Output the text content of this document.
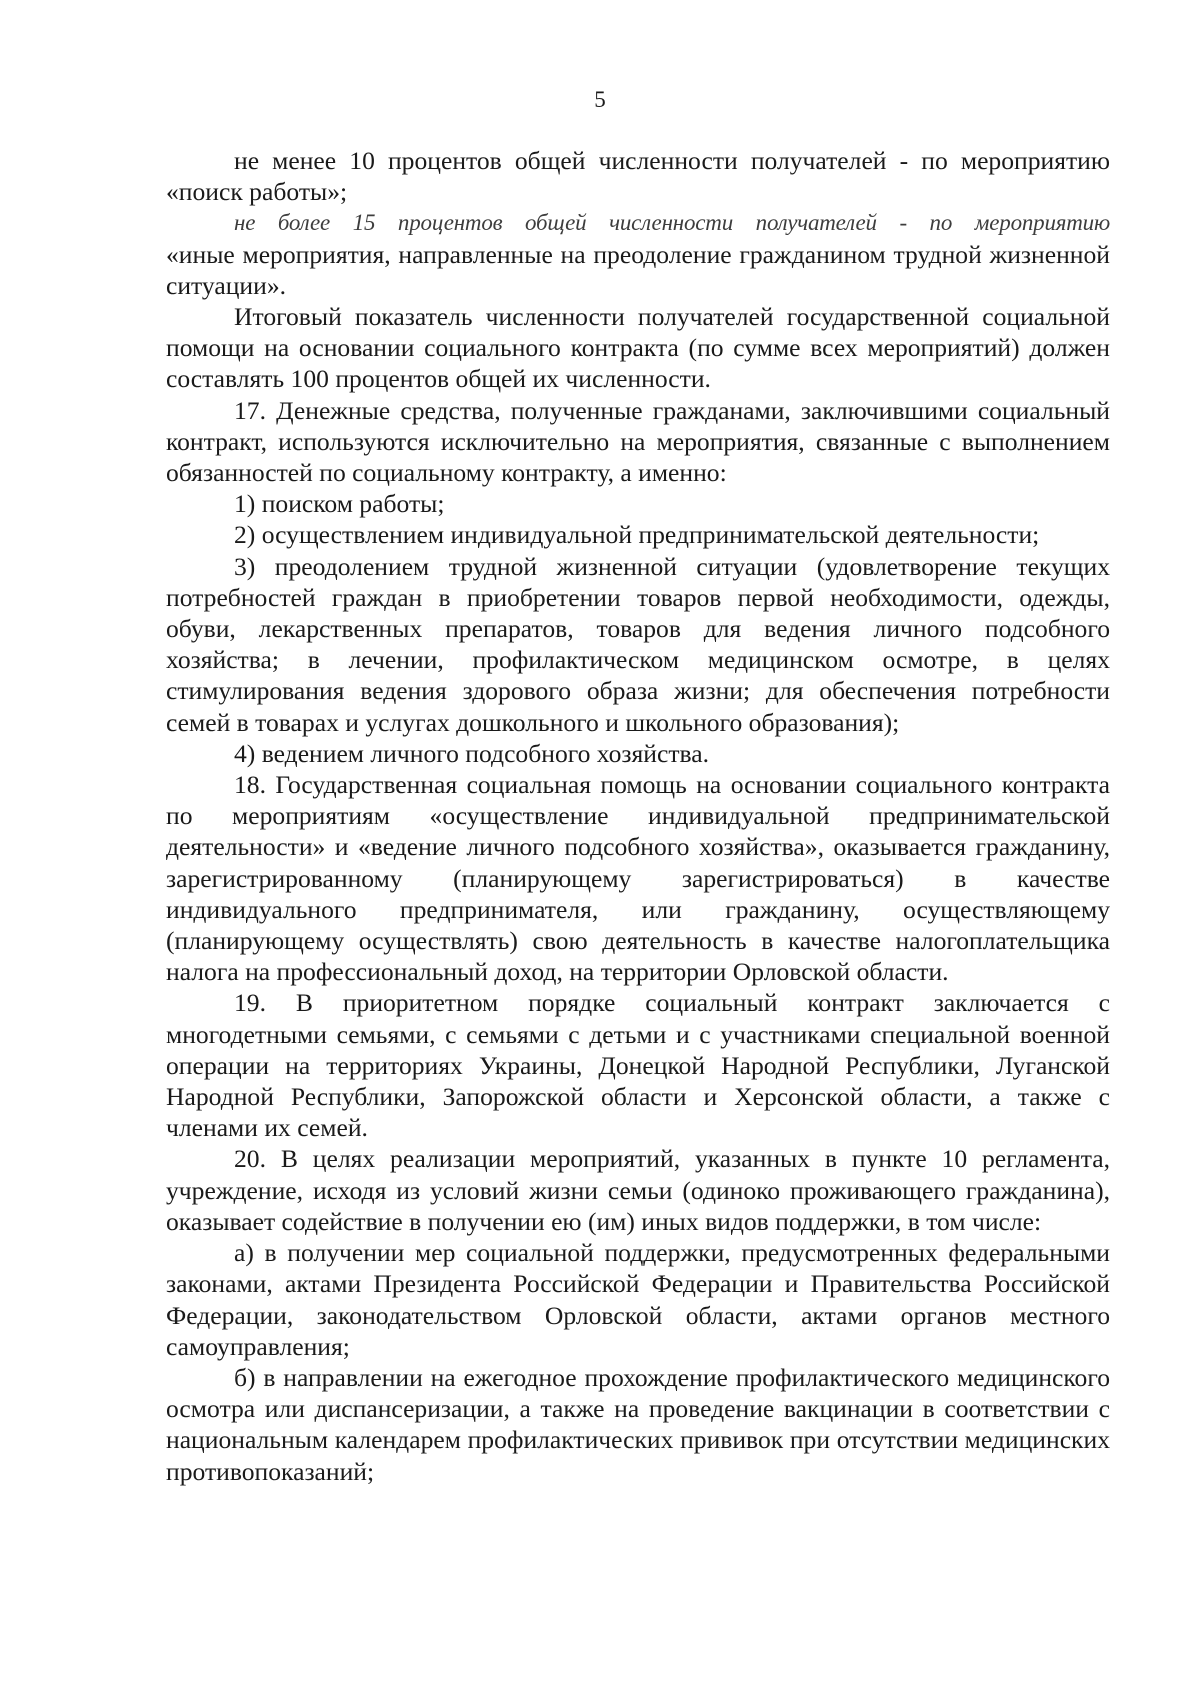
5

не менее 10 процентов общей численности получателей - по мероприятию «поиск работы»;

не более 15 процентов общей численности получателей - по мероприятию

«иные мероприятия, направленные на преодоление гражданином трудной жизненной ситуации».

Итоговый показатель численности получателей государственной социальной помощи на основании социального контракта (по сумме всех мероприятий) должен составлять 100 процентов общей их численности.

17. Денежные средства, полученные гражданами, заключившими социальный контракт, используются исключительно на мероприятия, связанные с выполнением обязанностей по социальному контракту, а именно:

1) поиском работы;

2) осуществлением индивидуальной предпринимательской деятельности;

3) преодолением трудной жизненной ситуации (удовлетворение текущих потребностей граждан в приобретении товаров первой необходимости, одежды, обуви, лекарственных препаратов, товаров для ведения личного подсобного хозяйства; в лечении, профилактическом медицинском осмотре, в целях стимулирования ведения здорового образа жизни; для обеспечения потребности семей в товарах и услугах дошкольного и школьного образования);

4) ведением личного подсобного хозяйства.

18. Государственная социальная помощь на основании социального контракта по мероприятиям «осуществление индивидуальной предпринимательской деятельности» и «ведение личного подсобного хозяйства», оказывается гражданину, зарегистрированному (планирующему зарегистрироваться) в качестве индивидуального предпринимателя, или гражданину, осуществляющему (планирующему осуществлять) свою деятельность в качестве налогоплательщика налога на профессиональный доход, на территории Орловской области.

19. В приоритетном порядке социальный контракт заключается с многодетными семьями, с семьями с детьми и с участниками специальной военной операции на территориях Украины, Донецкой Народной Республики, Луганской Народной Республики, Запорожской области и Херсонской области, а также с членами их семей.

20. В целях реализации мероприятий, указанных в пункте 10 регламента, учреждение, исходя из условий жизни семьи (одиноко проживающего гражданина), оказывает содействие в получении ею (им) иных видов поддержки, в том числе:

а) в получении мер социальной поддержки, предусмотренных федеральными законами, актами Президента Российской Федерации и Правительства Российской Федерации, законодательством Орловской области, актами органов местного самоуправления;

б) в направлении на ежегодное прохождение профилактического медицинского осмотра или диспансеризации, а также на проведение вакцинации в соответствии с национальным календарем профилактических прививок при отсутствии медицинских противопоказаний;
